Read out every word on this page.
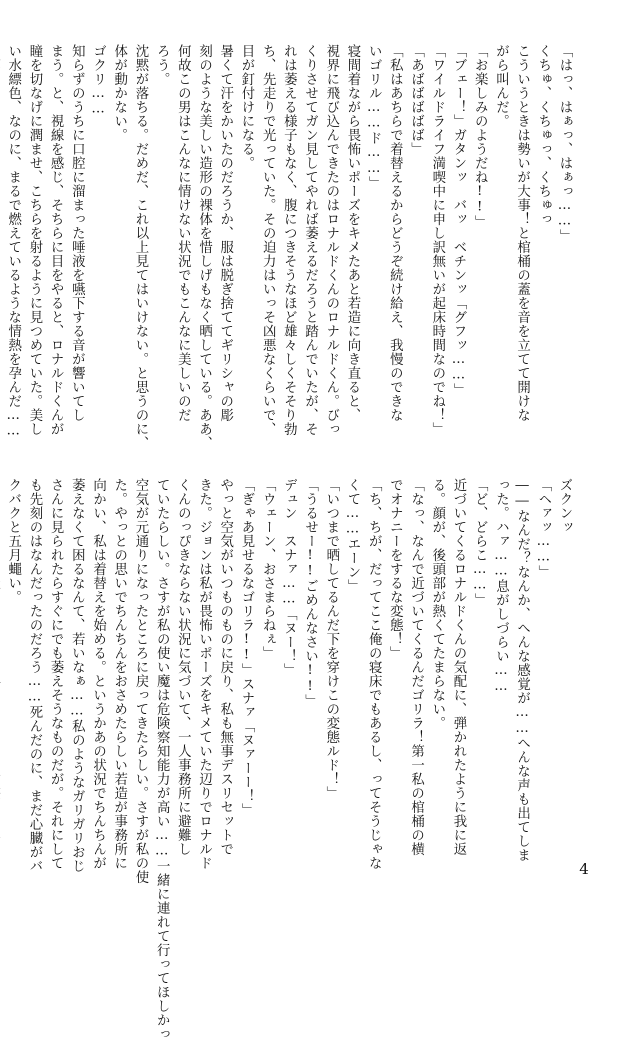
「はっ、はぁっ、はぁっ……」

くちゅ、くちゅっ、くちゅっ

こういうときは勢いが大事！と棺桶の蓋を音を立てて開けな

がら叫んだ。

「お楽しみのようだね!!」

「ブェー！」ガタンッ　バッ　ベチンッ「グフッ……」

「ワイルドライフ満喫中に申し訳無いが起床時間なのでね！」

「あばばばばば」

「私はあちらで着替えるからどうぞ続け給え、我慢のできな

いゴリル……ド……」

寝間着ながら畏怖いポーズをキメたあと若造に向き直ると、

視界に飛び込んできたのはロナルドくんのロナルドくん。びっ

くりさせてガン見してやれば萎えるだろうと踏んでいたが、そ

れは萎える様子もなく、腹につきそうなほど雄々しくそそり勃

ち、先走りで光っていた。その迫力はいっそ凶悪なくらいで、

目が釘付けになる。

暑くて汗をかいたのだろうか、服は脱ぎ捨ててギリシャの彫

刻のような美しい造形の裸体を惜しげもなく晒している。ああ、

何故この男はこんなに情けない状況でもこんなに美しいのだ

ろう。

沈黙が落ちる。だめだ、これ以上見てはいけない。と思うのに、

体が動かない。

ゴクリ……

知らずのうちに口腔に溜まった唾液を嚥下する音が響いてし

まう。と、視線を感じ、そちらに目をやると、ロナルドくんが

瞳を切なげに潤ませ、こちらを射るように見つめていた。美し

い水縹色、なのに、まるで燃えているような情熱を孕んだ……

ズクンッ

「ヘァッ……」

――なんだ？なんか、へんな感覚が……へんな声も出てしま

った。ハァ……息がしづらい……

「ど、どらこ……」

近づいてくるロナルドくんの気配に、弾かれたように我に返

る。顔が、後頭部が熱くてたまらない。

「なっ、なんで近づいてくるんだゴリラ！第一私の棺桶の横

でオナニーをするな変態！」

「ち、ちが、だってここ俺の寝床でもあるし、ってそうじゃな

くて……エーン」

「いつまで晒してるんだ下を穿けこの変態ルド！」

「うるせー!!ごめんなさい!!」

デュン　スナァ……「ヌー！」

「ウェーン、おさまらねぇ」

「ぎゃあ見せるなゴリラ!!」スナァ「ヌァーー！」

やっと空気がいつものものに戻り、私も無事デスリセットで

きた。ジョンは私が畏怖いポーズをキメていた辺りでロナルド

くんのっぴきならない状況に気づいて、一人事務所に避難し

ていたらしい。さすが私の使い魔は危険察知能力が高い……一緒に連れて行ってほしかっ

空気が元通りになったところに戻ってきたらしい。さすが私の使

た。やっとの思いでちんちんをおさめたらしい若造が事務所に

向かい、私は着替えを始める。というかあの状況でちんちんが

萎えなくて困るなんて、若いなぁ……私のようなガリガリおじ

さんに見られたらすぐにでも萎えそうなものだが。それにして

も先刻のはなんだったのだろう……死んだのに、まだ心臓がバ

クバクと五月蠅い。

4
